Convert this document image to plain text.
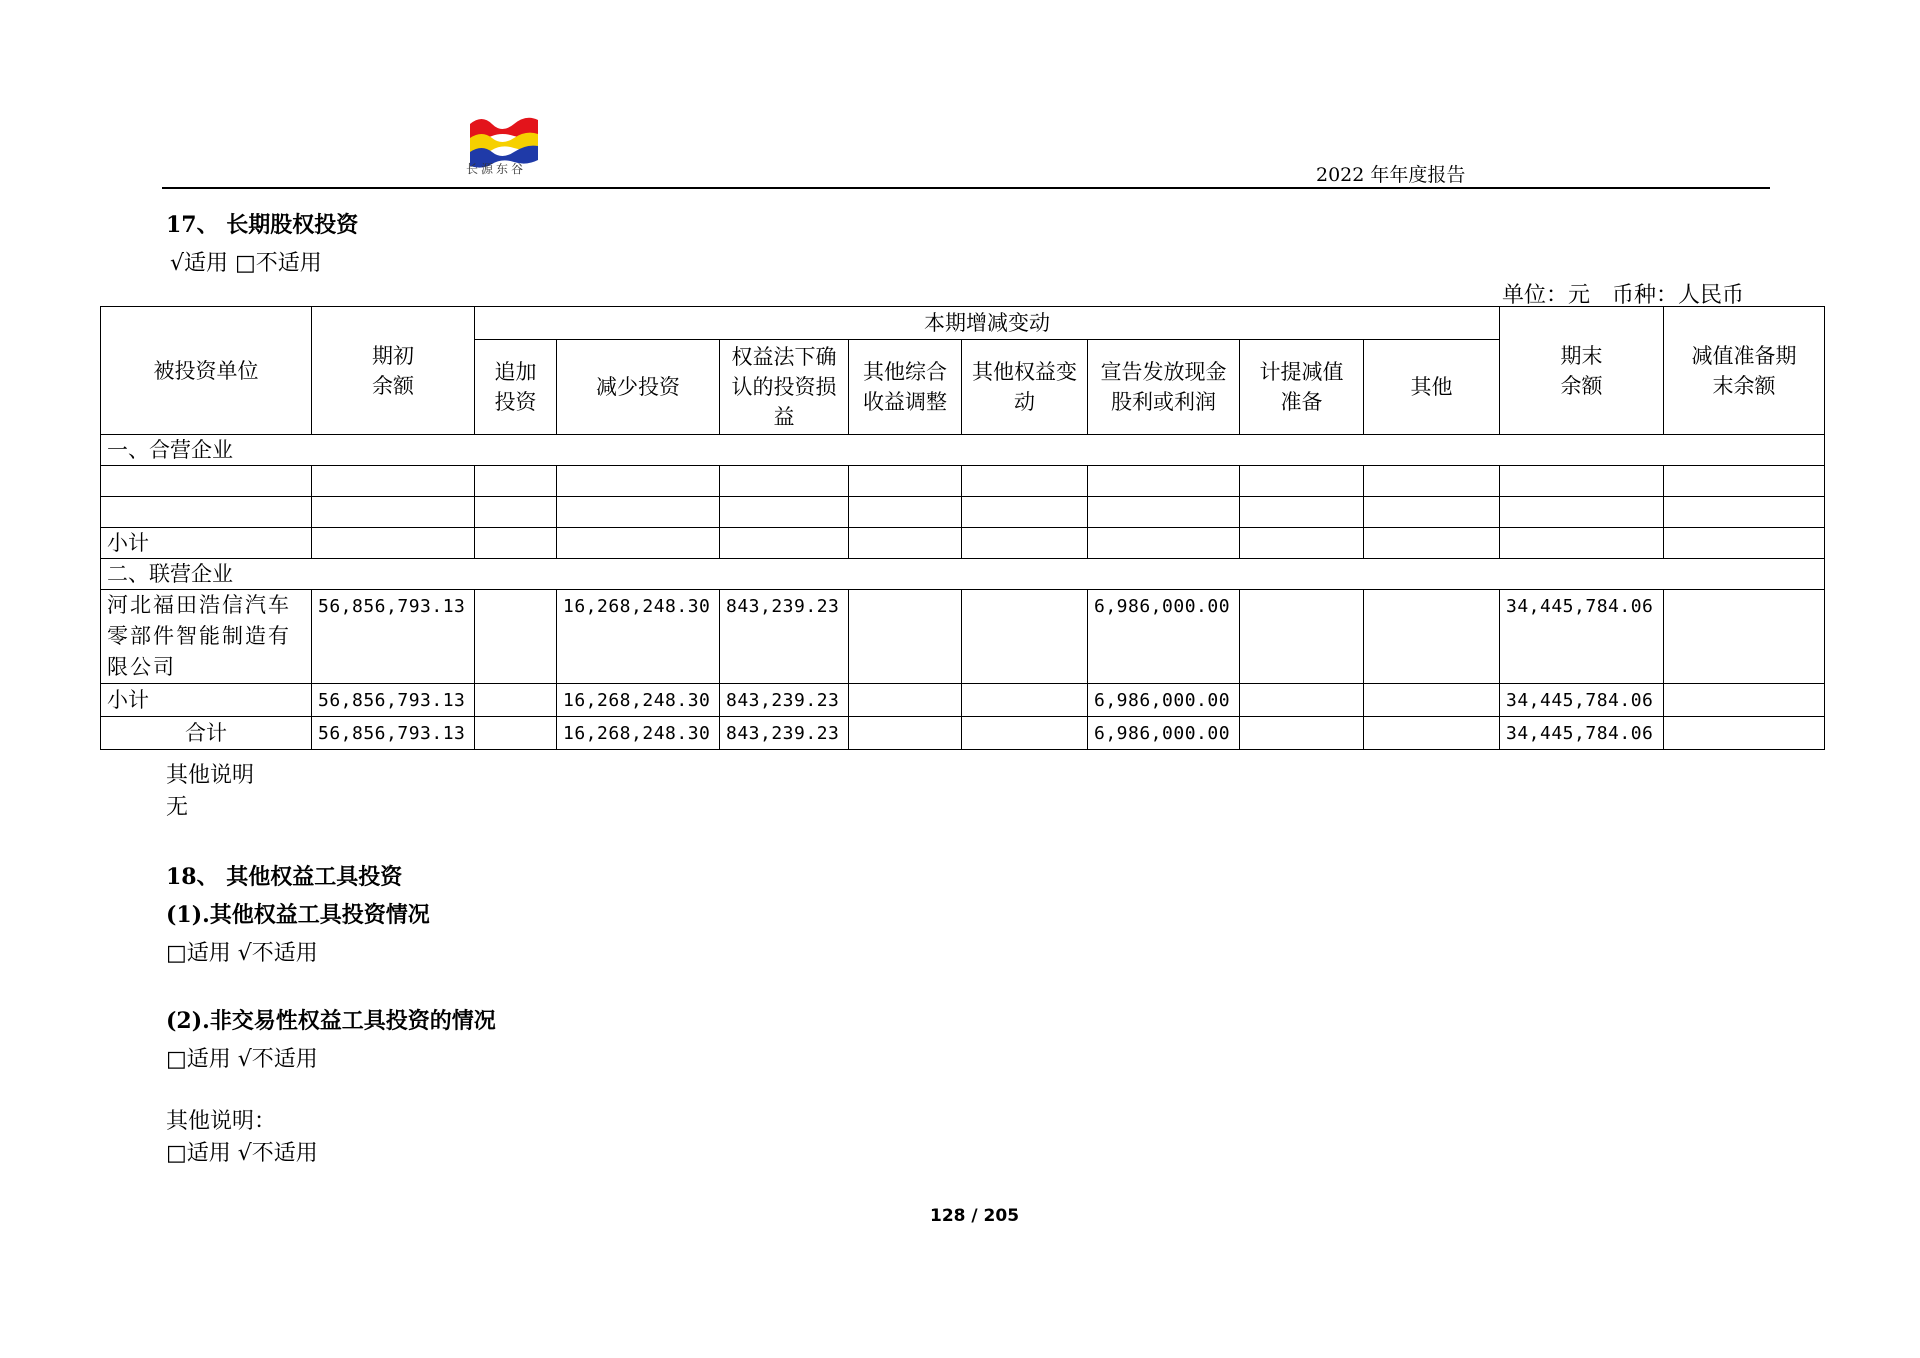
长源东谷	2022 年年度报告
17、 长期股权投资
√适用 □不适用
单位：元　币种：人民币
被投资单位	期初余额	本期增减变动								期末余额	减值准备期末余额
		追加投资	减少投资	权益法下确认的投资损益	其他综合收益调整	其他权益变动	宣告发放现金股利或利润	计提减值准备	其他		
一、合营企业											

小计											
二、联营企业											
河北福田浩信汽车零部件智能制造有限公司	56,856,793.13		16,268,248.30	843,239.23			6,986,000.00			34,445,784.06	
小计	56,856,793.13		16,268,248.30	843,239.23			6,986,000.00			34,445,784.06	
合计	56,856,793.13		16,268,248.30	843,239.23			6,986,000.00			34,445,784.06	
其他说明
无
18、 其他权益工具投资
(1).其他权益工具投资情况
□适用 √不适用
(2).非交易性权益工具投资的情况
□适用 √不适用
其他说明：
□适用 √不适用
128 / 205
